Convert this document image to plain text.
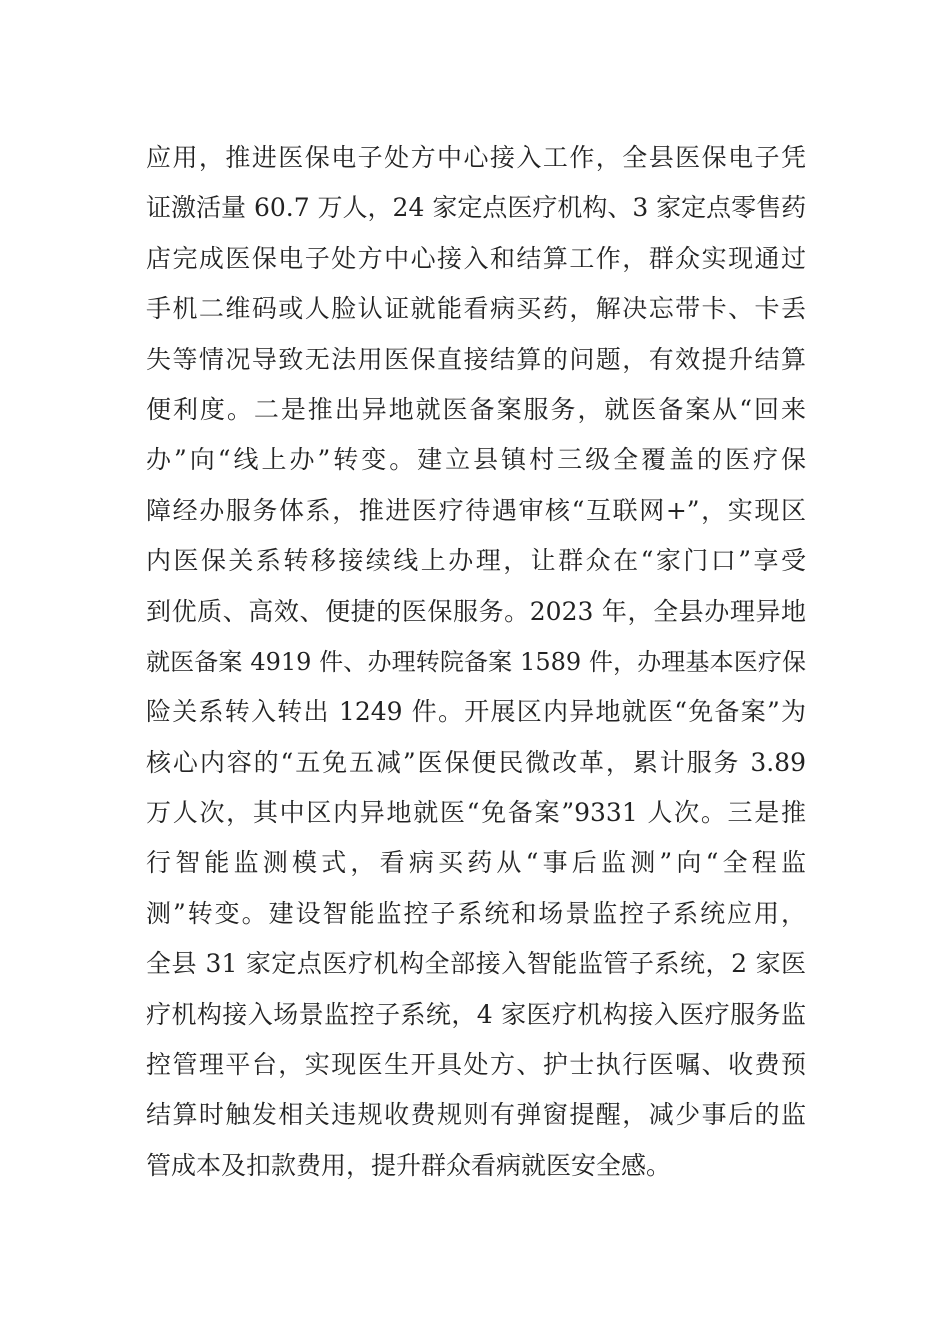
应用，推进医保电子处方中心接入工作，全县医保电子凭
证激活量 60.7 万人，24 家定点医疗机构、3 家定点零售药
店完成医保电子处方中心接入和结算工作，群众实现通过
手机二维码或人脸认证就能看病买药，解决忘带卡、卡丢
失等情况导致无法用医保直接结算的问题，有效提升结算
便利度。二是推出异地就医备案服务，就医备案从“回来
办”向“线上办”转变。建立县镇村三级全覆盖的医疗保
障经办服务体系，推进医疗待遇审核“互联网+”，实现区
内医保关系转移接续线上办理，让群众在“家门口”享受
到优质、高效、便捷的医保服务。2023 年，全县办理异地
就医备案 4919 件、办理转院备案 1589 件，办理基本医疗保
险关系转入转出 1249 件。开展区内异地就医“免备案”为
核心内容的“五免五减”医保便民微改革，累计服务 3.89
万人次，其中区内异地就医“免备案”9331 人次。三是推
行智能监测模式，看病买药从“事后监测”向“全程监
测”转变。建设智能监控子系统和场景监控子系统应用，
全县 31 家定点医疗机构全部接入智能监管子系统，2 家医
疗机构接入场景监控子系统，4 家医疗机构接入医疗服务监
控管理平台，实现医生开具处方、护士执行医嘱、收费预
结算时触发相关违规收费规则有弹窗提醒，减少事后的监
管成本及扣款费用，提升群众看病就医安全感。
